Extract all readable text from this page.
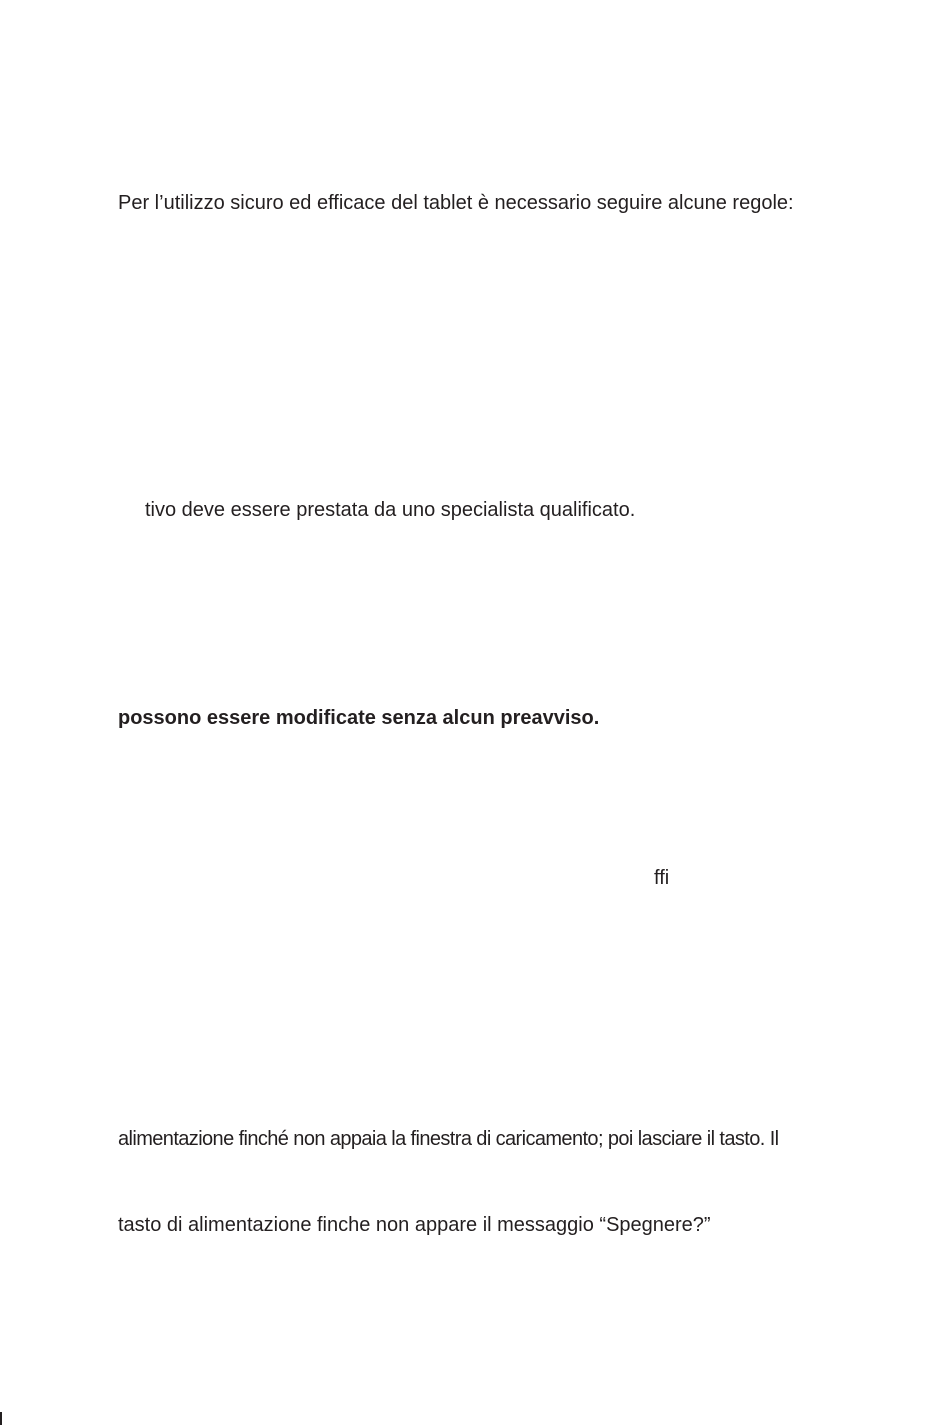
Per l’utilizzo sicuro ed efficace del tablet è necessario seguire alcune regole:
tivo deve essere prestata da uno specialista qualificato.
possono essere modificate senza alcun preavviso.
ffi
alimentazione finché non appaia la finestra di caricamento; poi lasciare il tasto. Il
tasto di alimentazione finche non appare il messaggio “Spegnere?”
